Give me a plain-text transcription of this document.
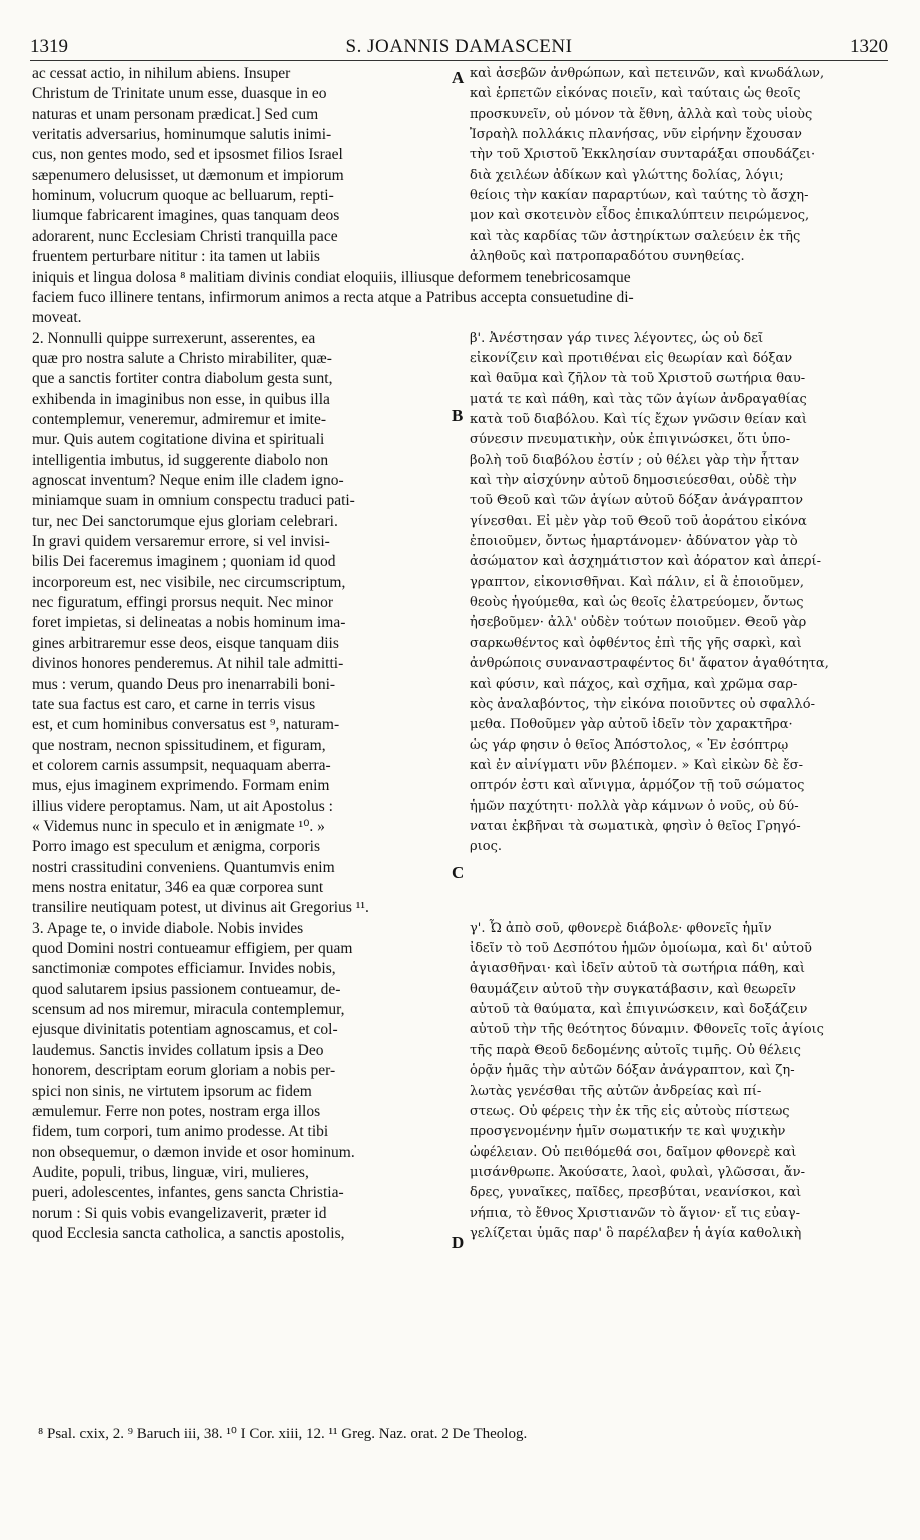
1319	S. JOANNIS DAMASCENI	1320
ac cessat actio, in nihilum abiens. Insuper	καὶ ἀσεβῶν ἀνθρώπων, καὶ πετεινῶν, καὶ κνωδάλων,
Christum de Trinitate unum esse, duasque in eo	καὶ ἑρπετῶν εἰκόνας ποιεῖν, καὶ ταύταις ὡς θεοῖς
naturas et unam personam prædicat.] Sed cum	προσκυνεῖν, οὐ μόνον τὰ ἔθνη, ἀλλὰ καὶ τοὺς υἱοὺς
veritatis adversarius, hominumque salutis inimi-	Ἰσραὴλ πολλάκις πλανήσας, νῦν εἰρήνην ἔχουσαν
cus, non gentes modo, sed et ipsosmet filios Israel	τὴν τοῦ Χριστοῦ Ἐκκλησίαν συνταράξαι σπουδάζει·
sæpenumero delusisset, ut dæmonum et impiorum	διὰ χειλέων ἀδίκων καὶ γλώττης δολίας, λόγιι;
hominum, volucrum quoque ac belluarum, repti-	θείοις τὴν κακίαν παραρτύων, καὶ ταύτης τὸ ἄσχη-
liumque fabricarent imagines, quas tanquam deos	μον καὶ σκοτεινὸν εἶδος ἐπικαλύπτειν πειρώμενος,
adorarent, nunc Ecclesiam Christi tranquilla pace	καὶ τὰς καρδίας τῶν ἀστηρίκτων σαλεύειν ἐκ τῆς
fruentem perturbare nititur : ita tamen ut labiis	ἀληθοῦς καὶ πατροπαραδότου συνηθείας.
iniquis et lingua dolosa ⁸ malitiam divinis condiat eloquiis, illiusque deformem tenebricosamque
faciem fuco illinere tentans, infirmorum animos a recta atque a Patribus accepta consuetudine di-
moveat.
2. Nonnulli quippe surrexerunt, asserentes, ea	β'. Ἀνέστησαν γάρ τινες λέγοντες, ὡς οὐ δεῖ
quæ pro nostra salute a Christo mirabiliter, quæ-	εἰκονίζειν καὶ προτιθέναι εἰς θεωρίαν καὶ δόξαν
que a sanctis fortiter contra diabolum gesta sunt,	καὶ θαῦμα καὶ ζῆλον τὰ τοῦ Χριστοῦ σωτήρια θαυ-
exhibenda in imaginibus non esse, in quibus illa	ματά τε καὶ πάθη, καὶ τὰς τῶν ἁγίων ἀνδραγαθίας
contemplemur, veneremur, admiremur et imite-	κατὰ τοῦ διαβόλου. Καὶ τίς ἔχων γνῶσιν θείαν καὶ
mur. Quis autem cogitatione divina et spirituali	σύνεσιν πνευματικὴν, οὐκ ἐπιγινώσκει, ὅτι ὑπο-
intelligentia imbutus, id suggerente diabolo non	βολὴ τοῦ διαβόλου ἐστίν ; οὐ θέλει γὰρ τὴν ἧτταν
agnoscat inventum? Neque enim ille cladem igno-	καὶ τὴν αἰσχύνην αὐτοῦ δημοσιεύεσθαι, οὐδὲ τὴν
miniamque suam in omnium conspectu traduci pati-	τοῦ Θεοῦ καὶ τῶν ἁγίων αὐτοῦ δόξαν ἀνάγραπτον
tur, nec Dei sanctorumque ejus gloriam celebrari.	γίνεσθαι. Εἰ μὲν γὰρ τοῦ Θεοῦ τοῦ ἀοράτου εἰκόνα
In gravi quidem versaremur errore, si vel invisi-	ἐποιοῦμεν, ὄντως ἡμαρτάνομεν· ἀδύνατον γὰρ τὸ
bilis Dei faceremus imaginem ; quoniam id quod	ἀσώματον καὶ ἀσχημάτιστον καὶ ἀόρατον καὶ ἀπερί-
incorporeum est, nec visibile, nec circumscriptum,	γραπτον, εἰκονισθῆναι. Καὶ πάλιν, εἰ ἃ ἐποιοῦμεν,
nec figuratum, effingi prorsus nequit. Nec minor	θεοὺς ἡγούμεθα, καὶ ὡς θεοῖς ἐλατρεύομεν, ὄντως
foret impietas, si delineatas a nobis hominum ima-	ἠσεβοῦμεν· ἀλλ' οὐδὲν τούτων ποιοῦμεν. Θεοῦ γὰρ
gines arbitraremur esse deos, eisque tanquam diis	σαρκωθέντος καὶ ὀφθέντος ἐπὶ τῆς γῆς σαρκὶ, καὶ
divinos honores penderemus. At nihil tale admitti-	ἀνθρώποις συναναστραφέντος δι' ἄφατον ἀγαθότητα,
mus : verum, quando Deus pro inenarrabili boni-	καὶ φύσιν, καὶ πάχος, καὶ σχῆμα, καὶ χρῶμα σαρ-
tate sua factus est caro, et carne in terris visus	κὸς ἀναλαβόντος, τὴν εἰκόνα ποιοῦντες οὐ σφαλλό-
est, et cum hominibus conversatus est ⁹, naturam-	μεθα. Ποθοῦμεν γὰρ αὐτοῦ ἰδεῖν τὸν χαρακτῆρα·
que nostram, necnon spissitudinem, et figuram,	ὡς γάρ φησιν ὁ θεῖος Ἀπόστολος, « Ἐν ἐσόπτρῳ
et colorem carnis assumpsit, nequaquam aberra-	καὶ ἐν αἰνίγματι νῦν βλέπομεν. » Καὶ εἰκὼν δὲ ἔσ-
mus, ejus imaginem exprimendo. Formam enim	οπτρόν ἐστι καὶ αἴνιγμα, ἁρμόζον τῇ τοῦ σώματος
illius videre peroptamus. Nam, ut ait Apostolus :	ἡμῶν παχύτητι· πολλὰ γὰρ κάμνων ὁ νοῦς, οὐ δύ-
« Videmus nunc in speculo et in ænigmate ¹⁰. »	ναται ἐκβῆναι τὰ σωματικὰ, φησὶν ὁ θεῖος Γρηγό-
Porro imago est speculum et ænigma, corporis	ριος.
nostri crassitudini conveniens. Quantumvis enim
mens nostra enitatur, 346 ea quæ corporea sunt
transilire neutiquam potest, ut divinus ait Gregorius ¹¹.
3. Apage te, o invide diabole. Nobis invides	γ'. Ὦ ἀπὸ σοῦ, φθονερὲ διάβολε· φθονεῖς ἡμῖν
quod Domini nostri contueamur effigiem, per quam	ἰδεῖν τὸ τοῦ Δεσπότου ἡμῶν ὁμοίωμα, καὶ δι' αὐτοῦ
sanctimoniæ compotes efficiamur. Invides nobis,	ἁγιασθῆναι· καὶ ἰδεῖν αὐτοῦ τὰ σωτήρια πάθη, καὶ
quod salutarem ipsius passionem contueamur, de-	θαυμάζειν αὐτοῦ τὴν συγκατάβασιν, καὶ θεωρεῖν
scensum ad nos miremur, miracula contemplemur,	αὐτοῦ τὰ θαύματα, καὶ ἐπιγινώσκειν, καὶ δοξάζειν
ejusque divinitatis potentiam agnoscamus, et col-	αὐτοῦ τὴν τῆς θεότητος δύναμιν. Φθονεῖς τοῖς ἁγίοις
laudemus. Sanctis invides collatum ipsis a Deo	τῆς παρὰ Θεοῦ δεδομένης αὐτοῖς τιμῆς. Οὐ θέλεις
honorem, descriptam eorum gloriam a nobis per-	ὁρᾷν ἡμᾶς τὴν αὐτῶν δόξαν ἀνάγραπτον, καὶ ζη-
spici non sinis, ne virtutem ipsorum ac fidem	λωτὰς γενέσθαι τῆς αὐτῶν ἀνδρείας καὶ πί-
æmulemur. Ferre non potes, nostram erga illos	στεως. Οὐ φέρεις τὴν ἐκ τῆς εἰς αὐτοὺς πίστεως
fidem, tum corpori, tum animo prodesse. At tibi	προσγενομένην ἡμῖν σωματικήν τε καὶ ψυχικὴν
non obsequemur, o dæmon invide et osor hominum.	ὠφέλειαν. Οὐ πειθόμεθά σοι, δαῖμον φθονερὲ καὶ
Audite, populi, tribus, linguæ, viri, mulieres,	μισάνθρωπε. Ἀκούσατε, λαοὶ, φυλαὶ, γλῶσσαι, ἄν-
pueri, adolescentes, infantes, gens sancta Christia-	δρες, γυναῖκες, παῖδες, πρεσβύται, νεανίσκοι, καὶ
norum : Si quis vobis evangelizaverit, præter id	νήπια, τὸ ἔθνος Χριστιανῶν τὸ ἅγιον· εἴ τις εὐαγ-
quod Ecclesia sancta catholica, a sanctis apostolis,	γελίζεται ὑμᾶς παρ' ὃ παρέλαβεν ἡ ἁγία καθολικὴ
A
B
C
D
⁸ Psal. cxix, 2. ⁹ Baruch iii, 38. ¹⁰ I Cor. xiii, 12. ¹¹ Greg. Naz. orat. 2 De Theolog.
